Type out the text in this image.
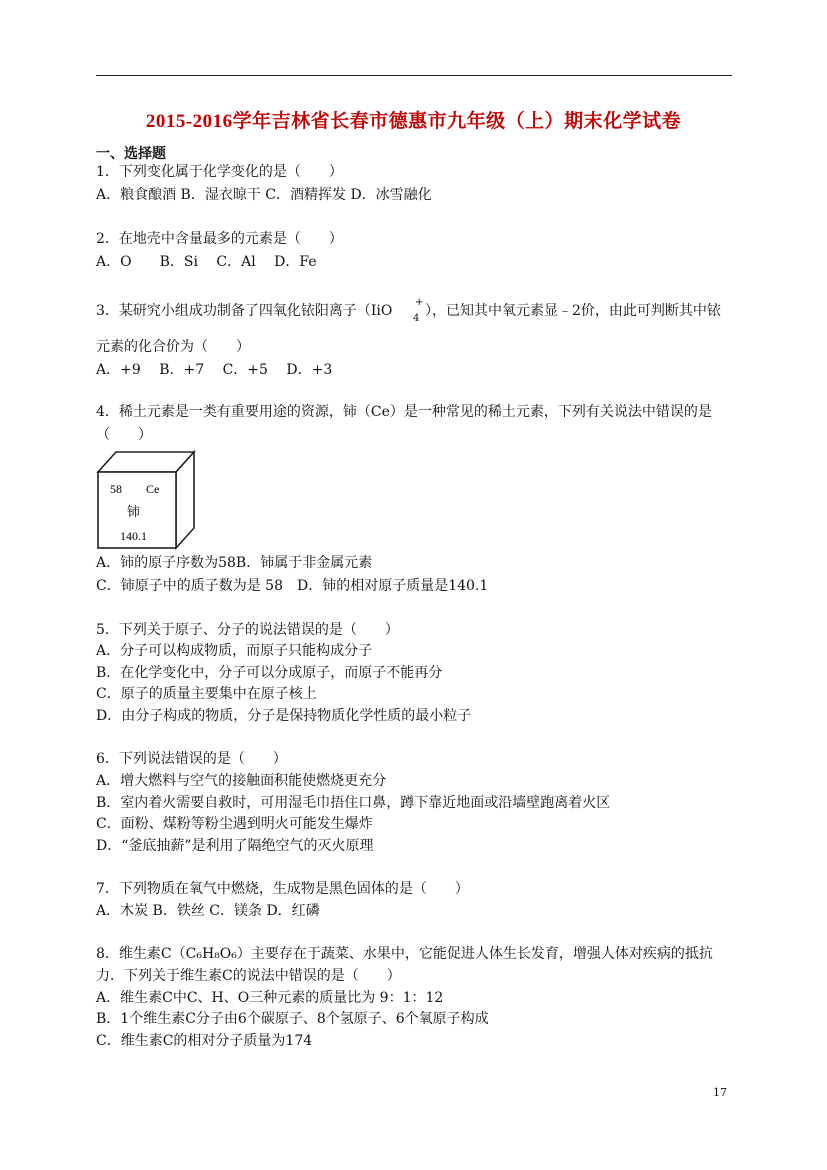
2015-2016学年吉林省长春市德惠市九年级（上）期末化学试卷
一、选择题
1．下列变化属于化学变化的是（　　）
A．粮食酿酒 B．湿衣晾干 C．酒精挥发 D．冰雪融化
2．在地壳中含量最多的元素是（　　）
A．O　　B．Si　 C．Al　 D．Fe
3．某研究小组成功制备了四氧化铱阳离子（IiO
+
4 ），已知其中氧元素显﹣2价，由此可判断其中铱
元素的化合价为（　　）
A．+9　 B．+7　 C．+5　 D．+3
4．稀土元素是一类有重要用途的资源，铈（Ce）是一种常见的稀土元素，下列有关说法中错误的是
（　　）
58 Ce
铈
140.1
A．铈的原子序数为58B．铈属于非金属元素
C．铈原子中的质子数为是 58　D．铈的相对原子质量是140.1
5．下列关于原子、分子的说法错误的是（　　）
A．分子可以构成物质，而原子只能构成分子
B．在化学变化中，分子可以分成原子，而原子不能再分
C．原子的质量主要集中在原子核上
D．由分子构成的物质，分子是保持物质化学性质的最小粒子
6．下列说法错误的是（　　）
A．增大燃料与空气的接触面积能使燃烧更充分
B．室内着火需要自救时，可用湿毛巾捂住口鼻，蹲下靠近地面或沿墙壁跑离着火区
C．面粉、煤粉等粉尘遇到明火可能发生爆炸
D．“釜底抽薪”是利用了隔绝空气的灭火原理
7．下列物质在氧气中燃烧，生成物是黑色固体的是（　　）
A．木炭 B．铁丝 C．镁条 D．红磷
8．维生素C（C₆H₈O₆）主要存在于蔬菜、水果中，它能促进人体生长发育，增强人体对疾病的抵抗
力．下列关于维生素C的说法中错误的是（　　）
A．维生素C中C、H、O三种元素的质量比为 9：1：12
B．1个维生素C分子由6个碳原子、8个氢原子、6个氧原子构成
C．维生素C的相对分子质量为174
17
